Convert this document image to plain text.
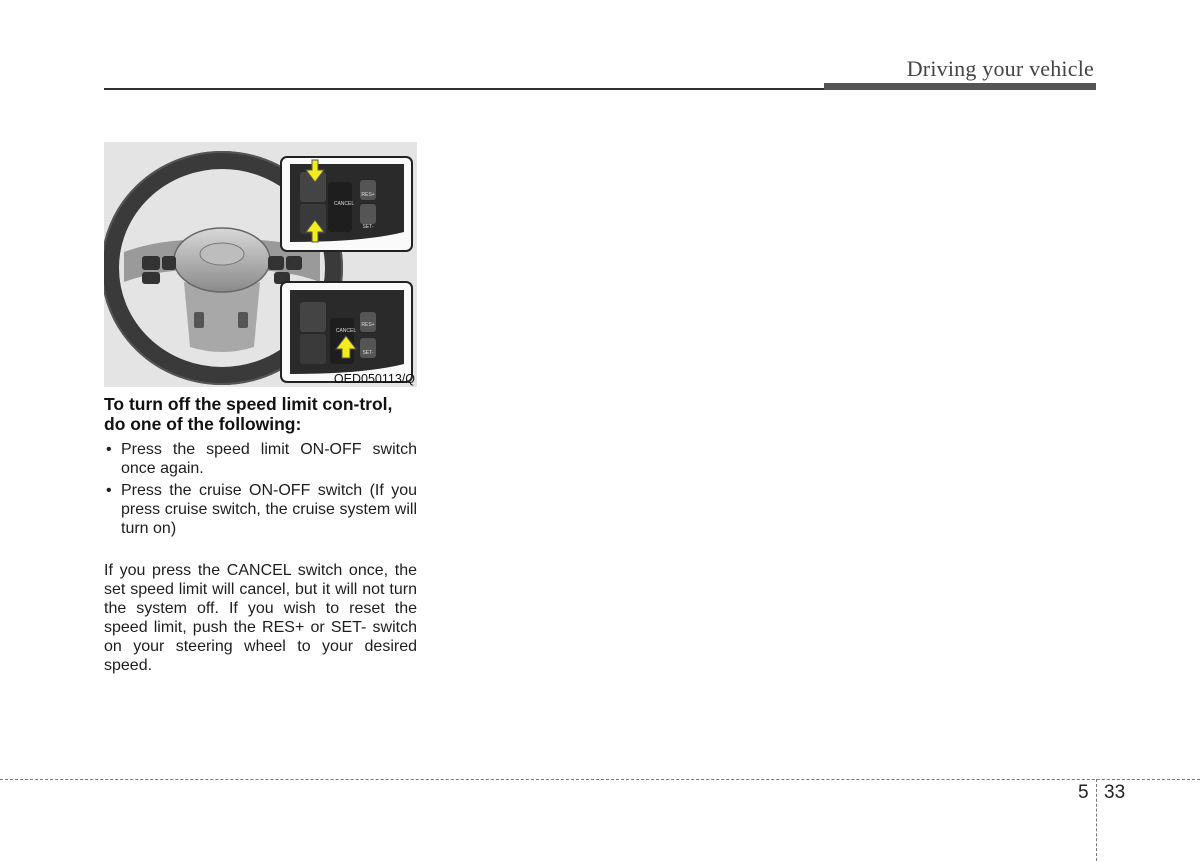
Driving your vehicle
CANCEL
RES+
SET-
CANCEL
RES+
SET-
OED050113/Q
To turn off the speed limit con-trol, do one of the following:
• Press the speed limit ON-OFF switch once again.
• Press the cruise ON-OFF switch (If you press cruise switch, the cruise system will turn on)

If you press the CANCEL switch once, the set speed limit will cancel, but it will not turn the system off. If you wish to reset the speed limit, push the RES+ or SET- switch on your steering wheel to your desired speed.

5 33
